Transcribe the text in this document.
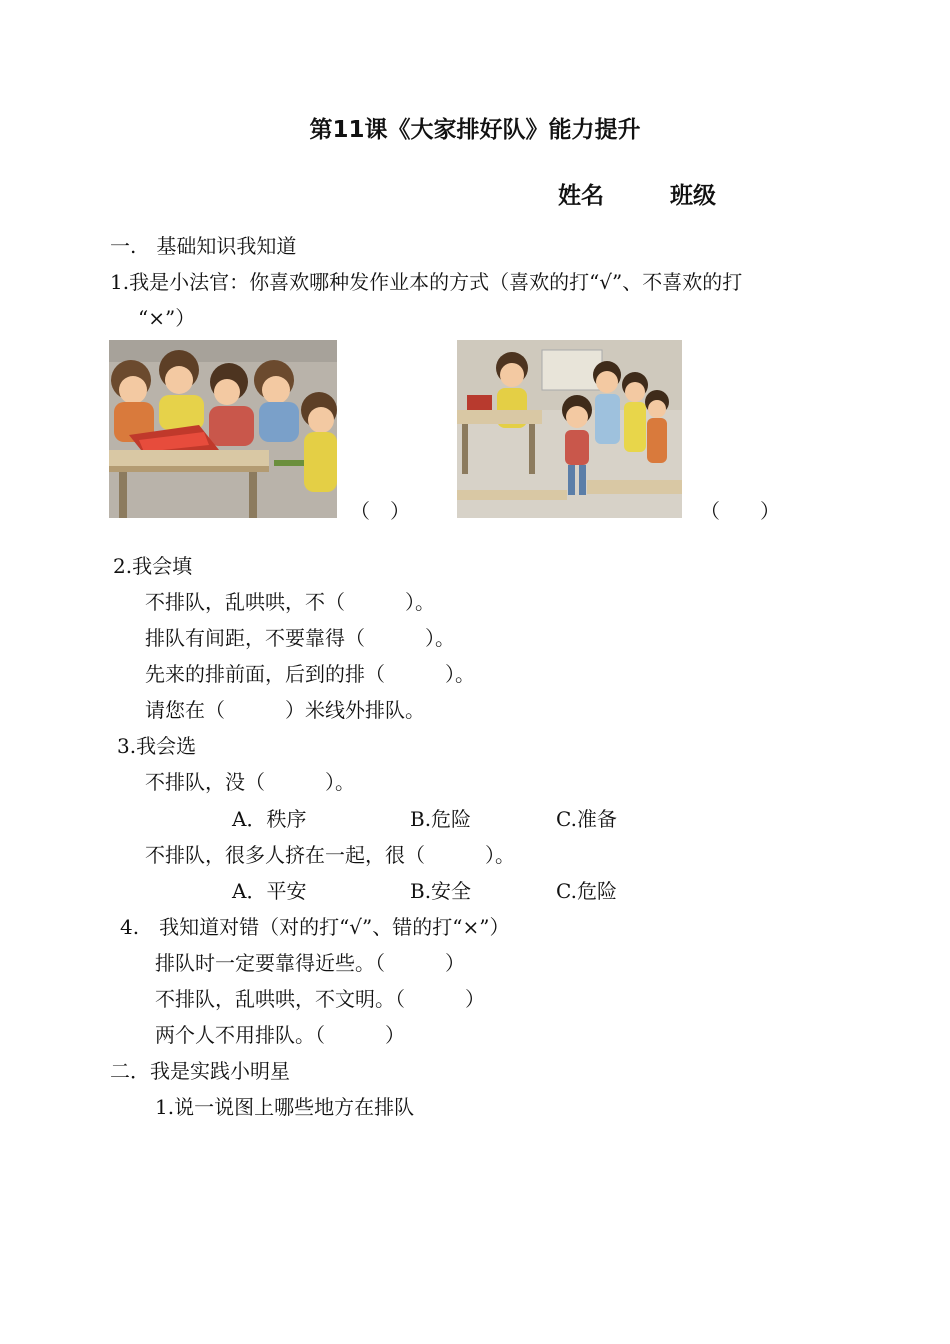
第11课《大家排好队》能力提升
姓名	班级
一.　基础知识我知道
1.我是小法官：你喜欢哪种发作业本的方式（喜欢的打“√”、不喜欢的打
“×”）
（　）	（　　）
2.我会填
不排队，乱哄哄，不（　　　）。
排队有间距，不要靠得（　　　）。
先来的排前面，后到的排（　　　）。
请您在（　　　）米线外排队。
3.我会选
不排队，没（　　　）。
A．秩序	B.危险	C.准备
不排队，很多人挤在一起，很（　　　）。
A．平安	B.安全	C.危险
4.　我知道对错（对的打“√”、错的打“×”）
排队时一定要靠得近些。（　　　）
不排队，乱哄哄，不文明。（　　　）
两个人不用排队。（　　　）
二．我是实践小明星
1.说一说图上哪些地方在排队
